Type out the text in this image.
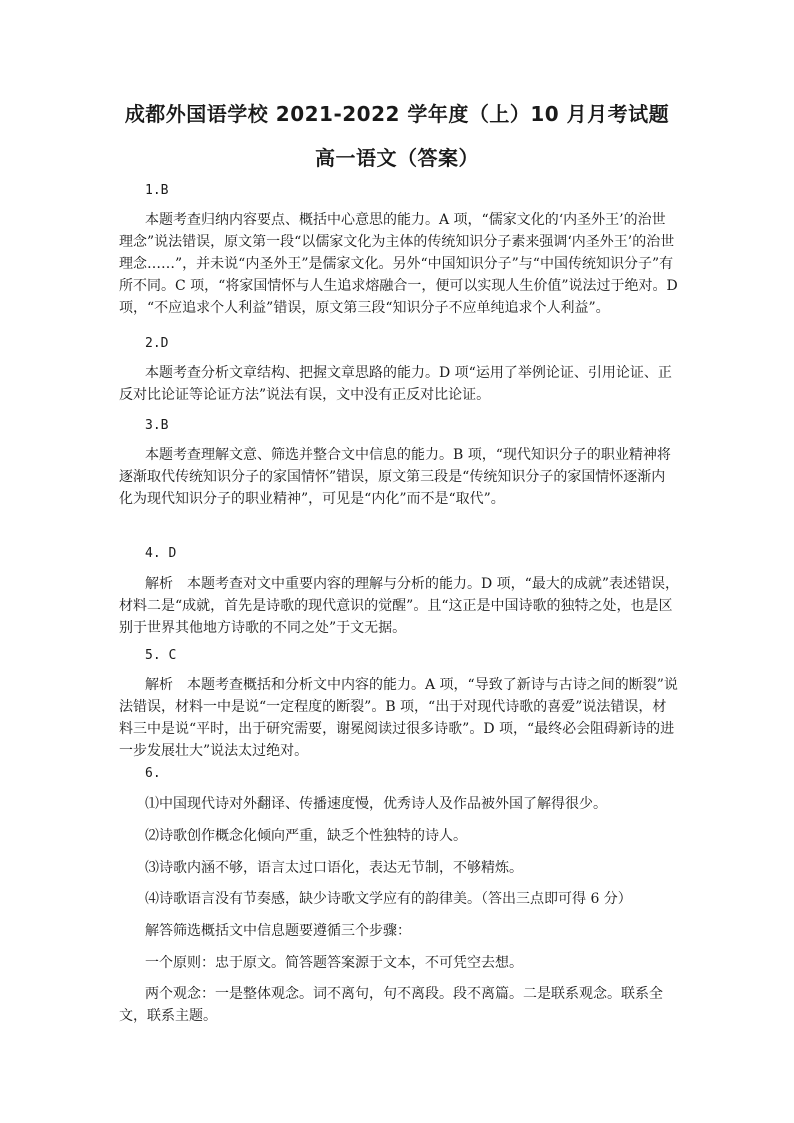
成都外国语学校 2021-2022 学年度（上）10 月月考试题
高一语文（答案）
1.B

本题考查归纳内容要点、概括中心意思的能力。A 项，“儒家文化的‘内圣外王’的治世理念”说法错误，原文第一段“以儒家文化为主体的传统知识分子素来强调‘内圣外王’的治世理念……”，并未说“内圣外王”是儒家文化。另外“中国知识分子”与“中国传统知识分子”有所不同。C 项，“将家国情怀与人生追求熔融合一，便可以实现人生价值”说法过于绝对。D 项，“不应追求个人利益”错误，原文第三段“知识分子不应单纯追求个人利益”。

2.D

本题考查分析文章结构、把握文章思路的能力。D 项“运用了举例论证、引用论证、正反对比论证等论证方法”说法有误，文中没有正反对比论证。

3.B

本题考查理解文意、筛选并整合文中信息的能力。B 项，“现代知识分子的职业精神将逐渐取代传统知识分子的家国情怀”错误，原文第三段是“传统知识分子的家国情怀逐渐内化为现代知识分子的职业精神”，可见是“内化”而不是“取代”。

4. D

解析　本题考查对文中重要内容的理解与分析的能力。D 项，“最大的成就”表述错误，材料二是“成就，首先是诗歌的现代意识的觉醒”。且“这正是中国诗歌的独特之处，也是区别于世界其他地方诗歌的不同之处”于文无据。

5. C

解析　本题考查概括和分析文中内容的能力。A 项，“导致了新诗与古诗之间的断裂”说法错误，材料一中是说“一定程度的断裂”。B 项，“出于对现代诗歌的喜爱”说法错误，材料三中是说“平时，出于研究需要，谢冕阅读过很多诗歌”。D 项，“最终必会阻碍新诗的进一步发展壮大”说法太过绝对。

6.
⑴中国现代诗对外翻译、传播速度慢，优秀诗人及作品被外国了解得很少。
⑵诗歌创作概念化倾向严重，缺乏个性独特的诗人。
⑶诗歌内涵不够，语言太过口语化，表达无节制，不够精炼。
⑷诗歌语言没有节奏感，缺少诗歌文学应有的韵律美。（答出三点即可得 6 分）
解答筛选概括文中信息题要遵循三个步骤：
一个原则：忠于原文。简答题答案源于文本，不可凭空去想。

两个观念：一是整体观念。词不离句，句不离段。段不离篇。二是联系观念。联系全文，联系主题。
